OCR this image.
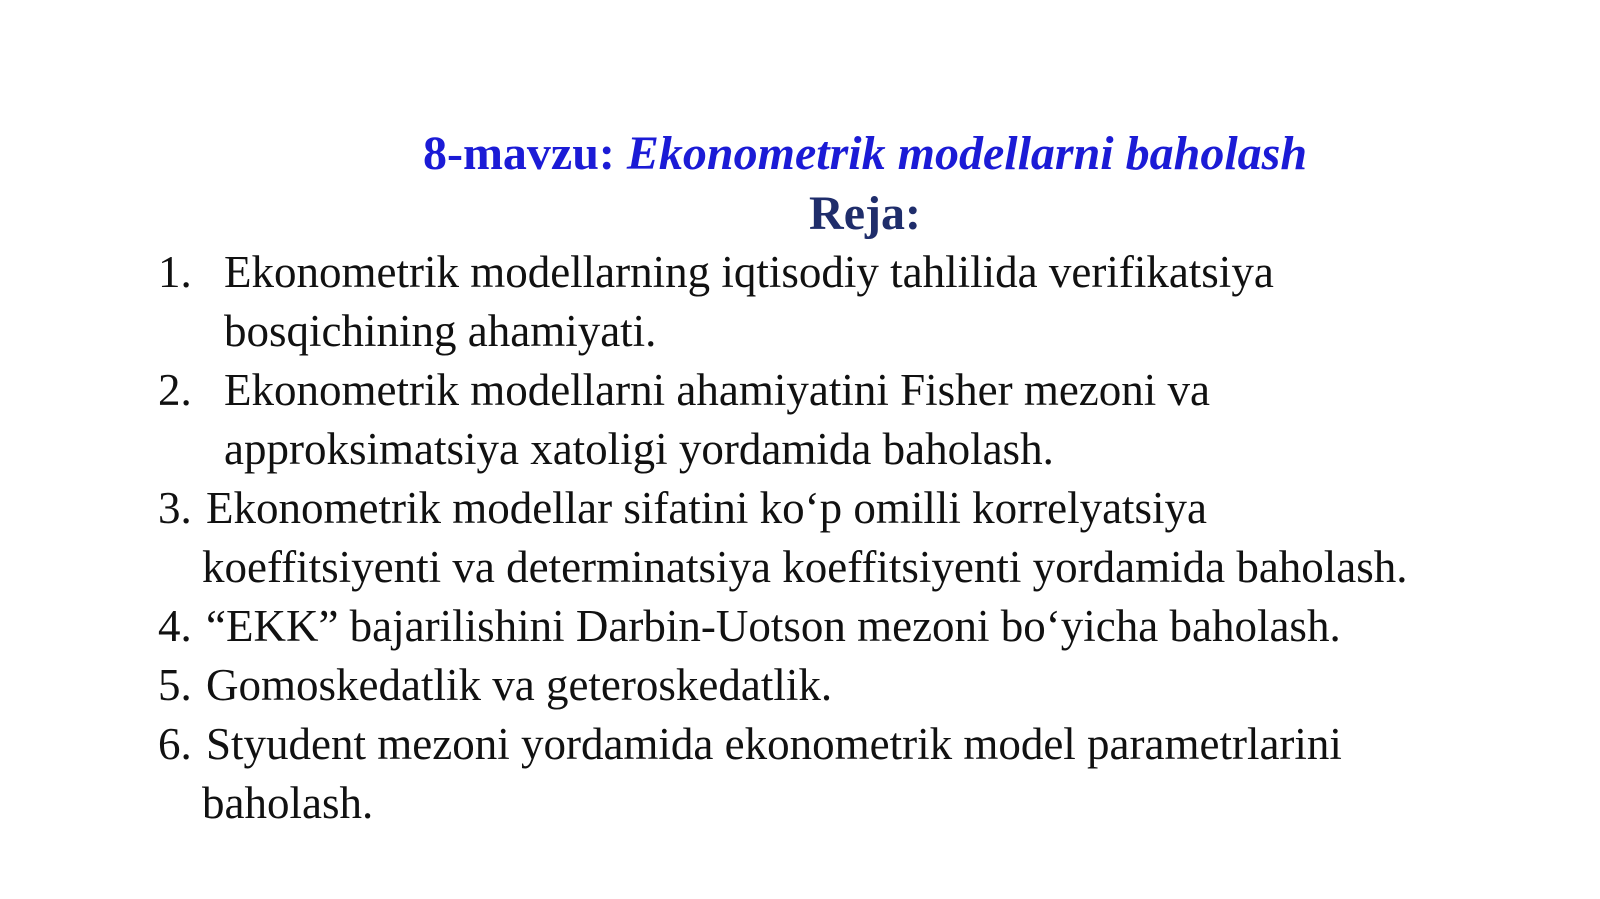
8-mavzu: Ekonometrik modellarni baholash
Reja:
1. Ekonometrik modellarning iqtisodiy tahlilida verifikatsiya
bosqichining ahamiyati.
2. Ekonometrik modellarni ahamiyatini Fisher mezoni va
approksimatsiya xatoligi yordamida baholash.
3. Ekonometrik modellar sifatini ko‘p omilli korrelyatsiya
koeffitsiyenti va determinatsiya koeffitsiyenti yordamida baholash.
4. “EKK” bajarilishini Darbin-Uotson mezoni bo‘yicha baholash.
5. Gomoskedatlik va geteroskedatlik.
6. Styudent mezoni yordamida ekonometrik model parametrlarini
baholash.
